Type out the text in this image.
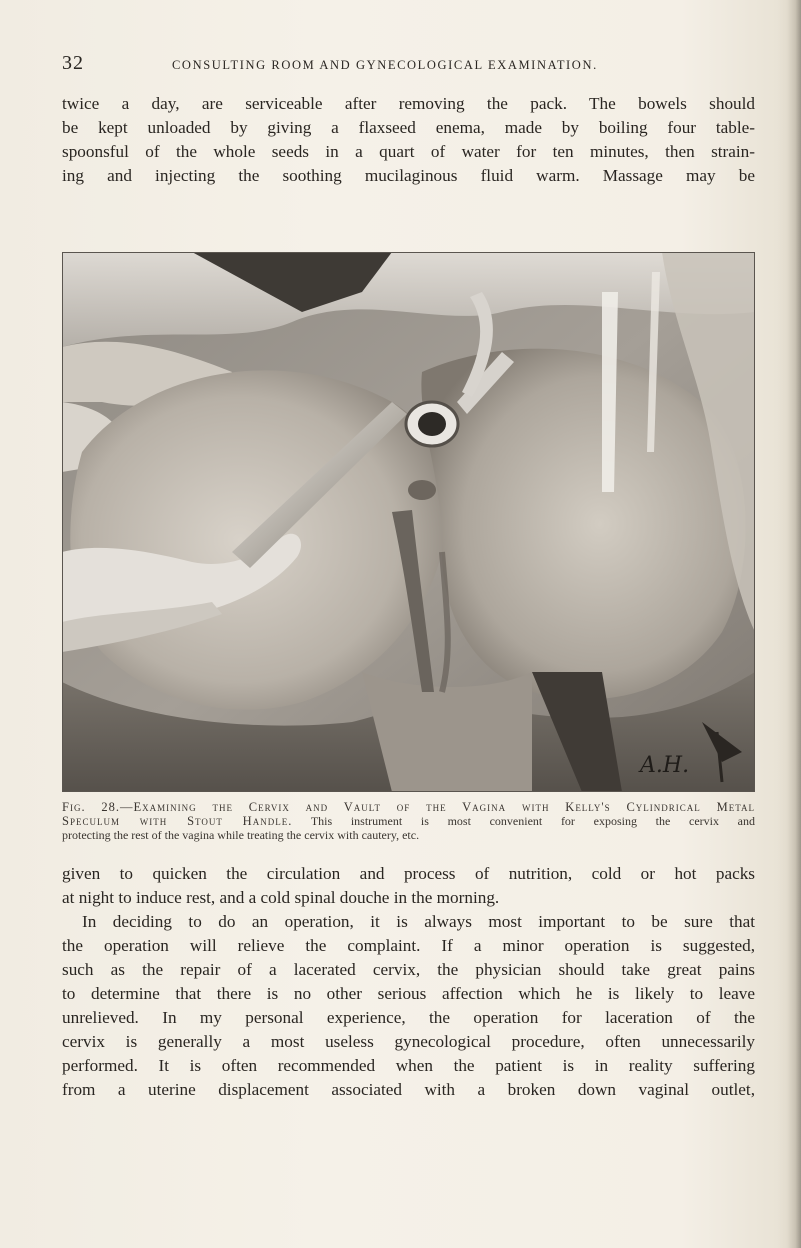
32	CONSULTING ROOM AND GYNECOLOGICAL EXAMINATION.
twice a day, are serviceable after removing the pack. The bowels should
be kept unloaded by giving a flaxseed enema, made by boiling four table-
spoonsful of the whole seeds in a quart of water for ten minutes, then strain-
ing and injecting the soothing mucilaginous fluid warm. Massage may be
A.H.
Fig. 28.—Examining the Cervix and Vault of the Vagina with Kelly's Cylindrical Metal
Speculum with Stout Handle. This instrument is most convenient for exposing the cervix and
protecting the rest of the vagina while treating the cervix with cautery, etc.
given to quicken the circulation and process of nutrition, cold or hot packs
at night to induce rest, and a cold spinal douche in the morning.
In deciding to do an operation, it is always most important to be sure that
the operation will relieve the complaint. If a minor operation is suggested,
such as the repair of a lacerated cervix, the physician should take great pains
to determine that there is no other serious affection which he is likely to leave
unrelieved. In my personal experience, the operation for laceration of the
cervix is generally a most useless gynecological procedure, often unnecessarily
performed. It is often recommended when the patient is in reality suffering
from a uterine displacement associated with a broken down vaginal outlet,
